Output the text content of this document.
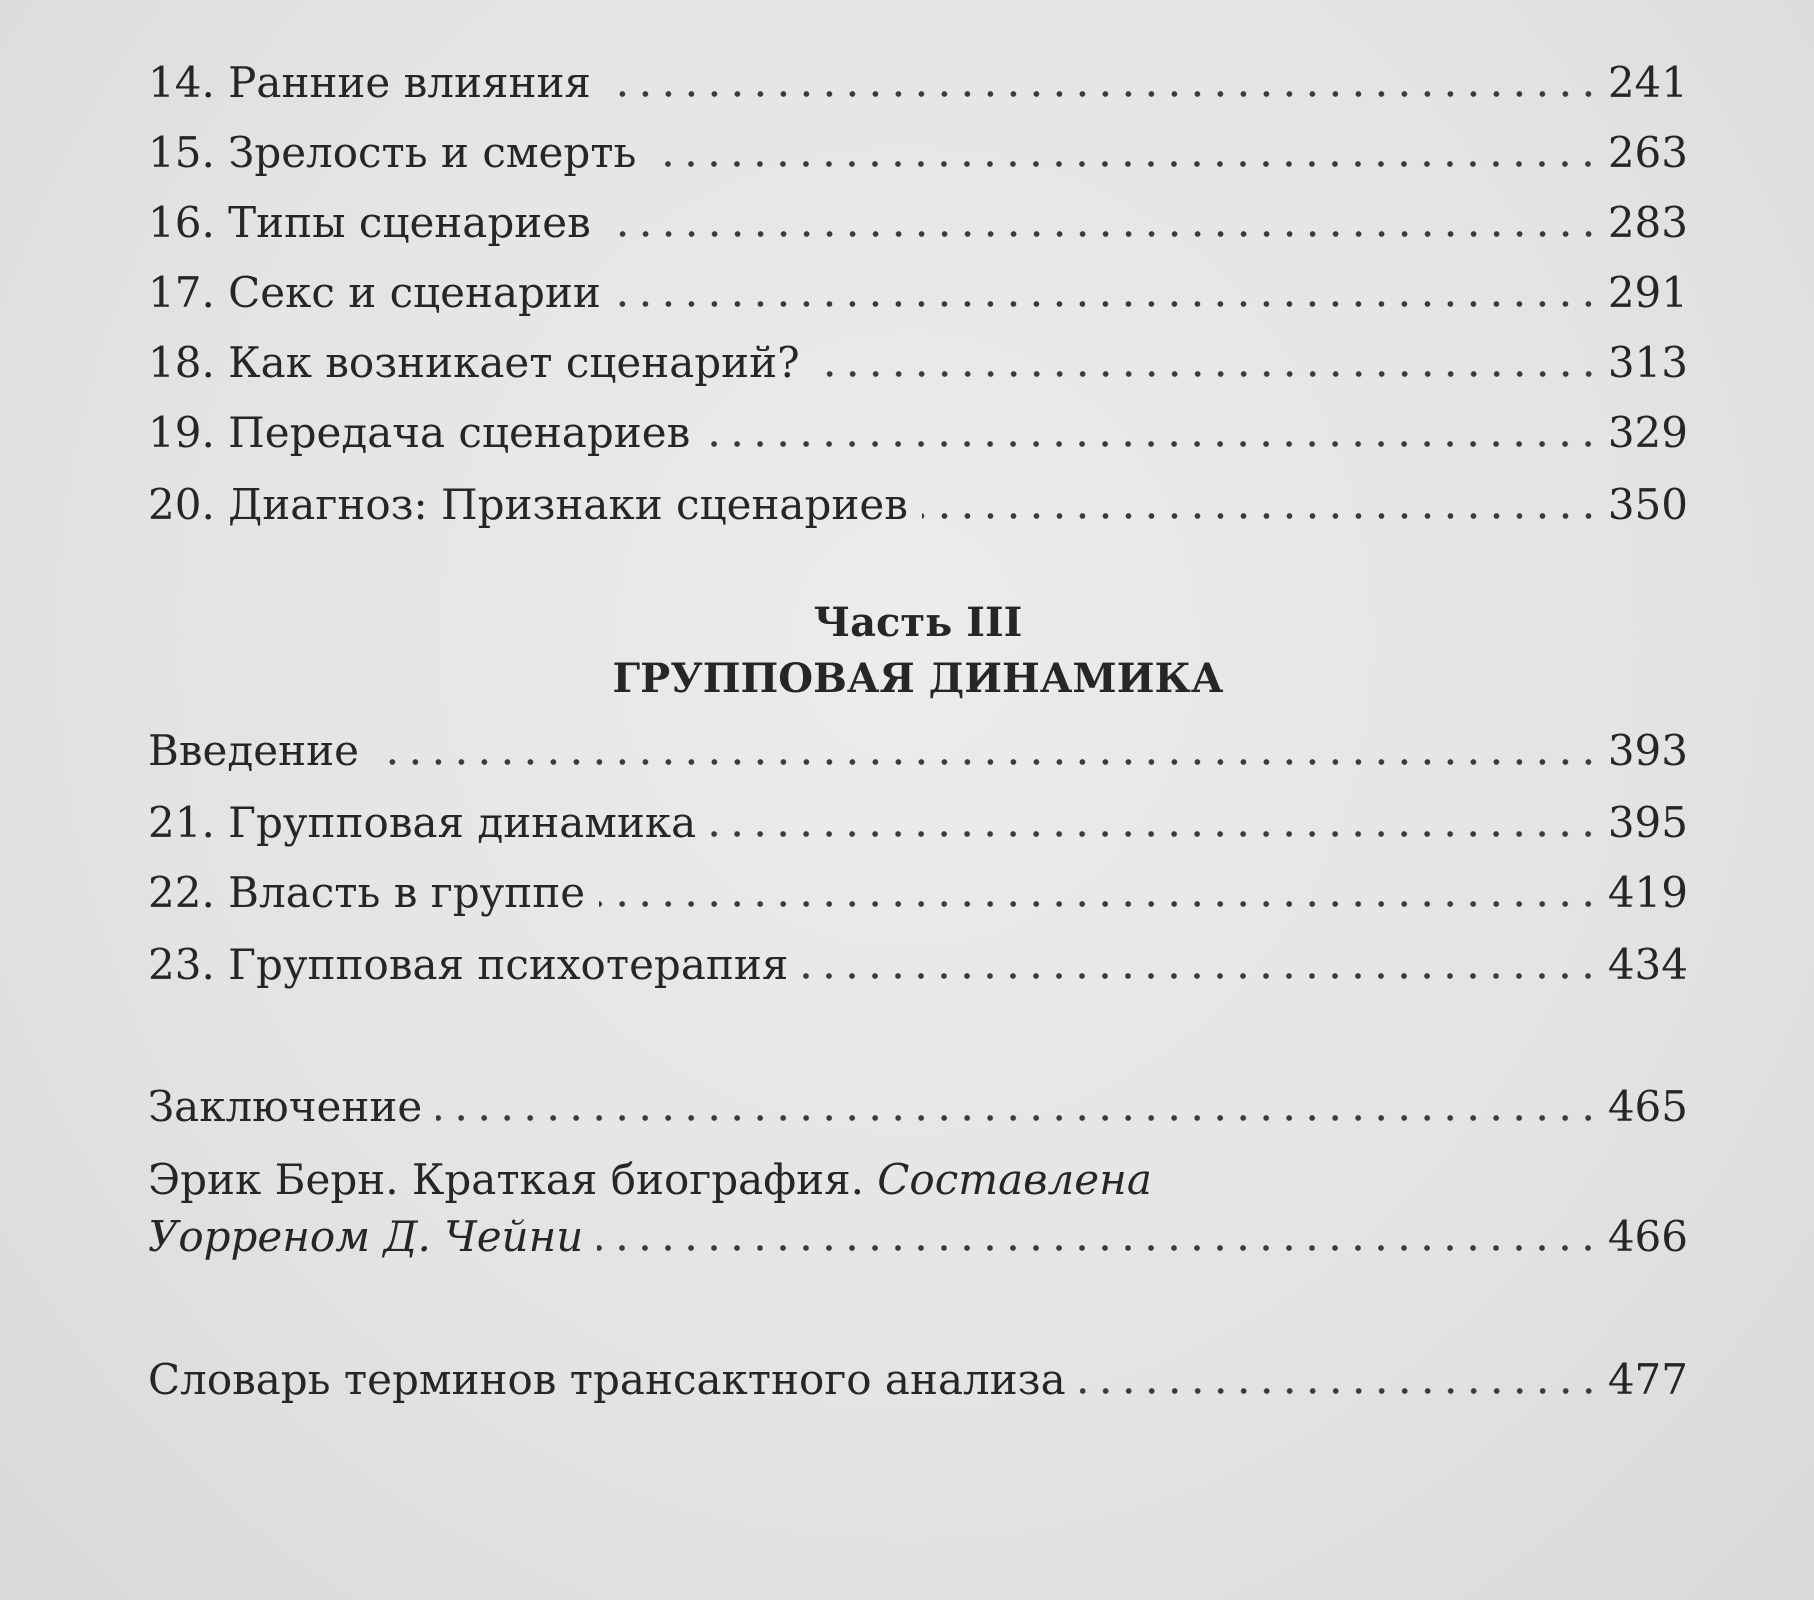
14. Ранние влияния	241
15. Зрелость и смерть	263
16. Типы сценариев	283
17. Секс и сценарии	291
18. Как возникает сценарий?	313
19. Передача сценариев	329
20. Диагноз: Признаки сценариев	350
Часть III
ГРУППОВАЯ ДИНАМИКА
Введение	393
21. Групповая динамика	395
22. Власть в группе	419
23. Групповая психотерапия	434
Заключение	465
Эрик Берн. Краткая биография. Составлена
Уорреном Д. Чейни	466
Словарь терминов трансактного анализа	477
